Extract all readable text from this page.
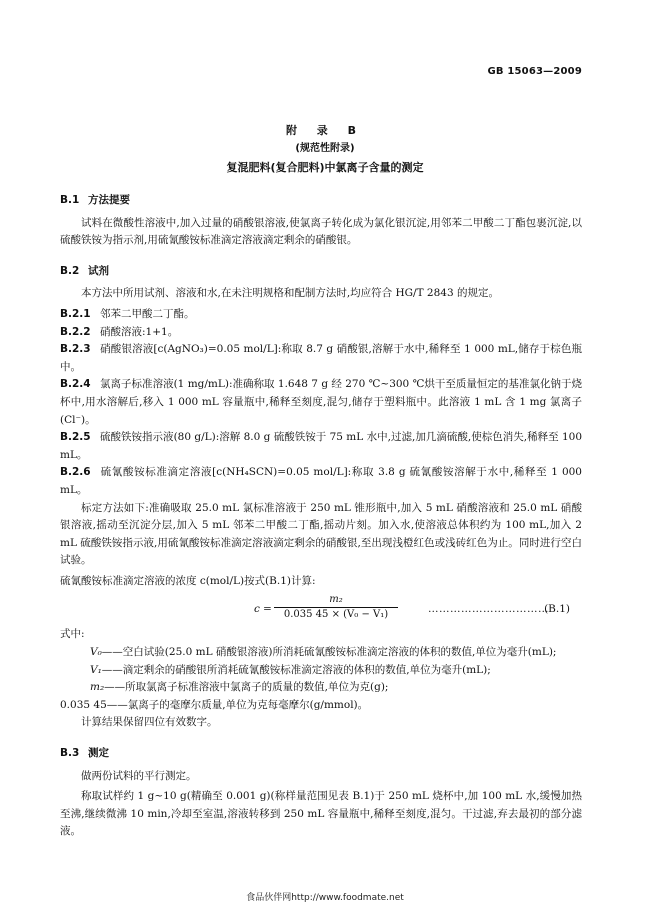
GB 15063—2009
附 录 B
(规范性附录)
复混肥料(复合肥料)中氯离子含量的测定
B.1 方法提要

试料在微酸性溶液中,加入过量的硝酸银溶液,使氯离子转化成为氯化银沉淀,用邻苯二甲酸二丁酯包裹沉淀,以硫酸铁铵为指示剂,用硫氰酸铵标准滴定溶液滴定剩余的硝酸银。

B.2 试剂

本方法中所用试剂、溶液和水,在未注明规格和配制方法时,均应符合 HG/T 2843 的规定。

B.2.1 邻苯二甲酸二丁酯。

B.2.2 硝酸溶液:1+1。

B.2.3 硝酸银溶液[c(AgNO₃)=0.05 mol/L]:称取 8.7 g 硝酸银,溶解于水中,稀释至 1 000 mL,储存于棕色瓶中。

B.2.4 氯离子标准溶液(1 mg/mL):准确称取 1.648 7 g 经 270 ℃~300 ℃烘干至质量恒定的基准氯化钠于烧杯中,用水溶解后,移入 1 000 mL 容量瓶中,稀释至刻度,混匀,储存于塑料瓶中。此溶液 1 mL 含 1 mg 氯离子(Cl⁻)。

B.2.5 硫酸铁铵指示液(80 g/L):溶解 8.0 g 硫酸铁铵于 75 mL 水中,过滤,加几滴硫酸,使棕色消失,稀释至 100 mL。

B.2.6 硫氰酸铵标准滴定溶液[c(NH₄SCN)=0.05 mol/L]:称取 3.8 g 硫氰酸铵溶解于水中,稀释至 1 000 mL。

标定方法如下:准确吸取 25.0 mL 氯标准溶液于 250 mL 锥形瓶中,加入 5 mL 硝酸溶液和 25.0 mL 硝酸银溶液,摇动至沉淀分层,加入 5 mL 邻苯二甲酸二丁酯,摇动片刻。加入水,使溶液总体积约为 100 mL,加入 2 mL 硫酸铁铵指示液,用硫氰酸铵标准滴定溶液滴定剩余的硝酸银,至出现浅橙红色或浅砖红色为止。同时进行空白试验。

硫氰酸铵标准滴定溶液的浓度 c(mol/L)按式(B.1)计算:

$c = \frac{\text{m₂}}{\text{0.035 45 × (V₀ − V₁)}}$	……………………………
(B.1)

式中:

V₀——空白试验(25.0 mL 硝酸银溶液)所消耗硫氰酸铵标准滴定溶液的体积的数值,单位为毫升(mL);

V₁——滴定剩余的硝酸银所消耗硫氰酸铵标准滴定溶液的体积的数值,单位为毫升(mL);

m₂——所取氯离子标准溶液中氯离子的质量的数值,单位为克(g);

0.035 45——氯离子的毫摩尔质量,单位为克每毫摩尔(g/mmol)。

计算结果保留四位有效数字。

B.3 测定

做两份试料的平行测定。

称取试样约 1 g~10 g(精确至 0.001 g)(称样量范围见表 B.1)于 250 mL 烧杯中,加 100 mL 水,缓慢加热至沸,继续微沸 10 min,冷却至室温,溶液转移到 250 mL 容量瓶中,稀释至刻度,混匀。干过滤,弃去最初的部分滤液。

食品伙伴网http://www.foodmate.net
